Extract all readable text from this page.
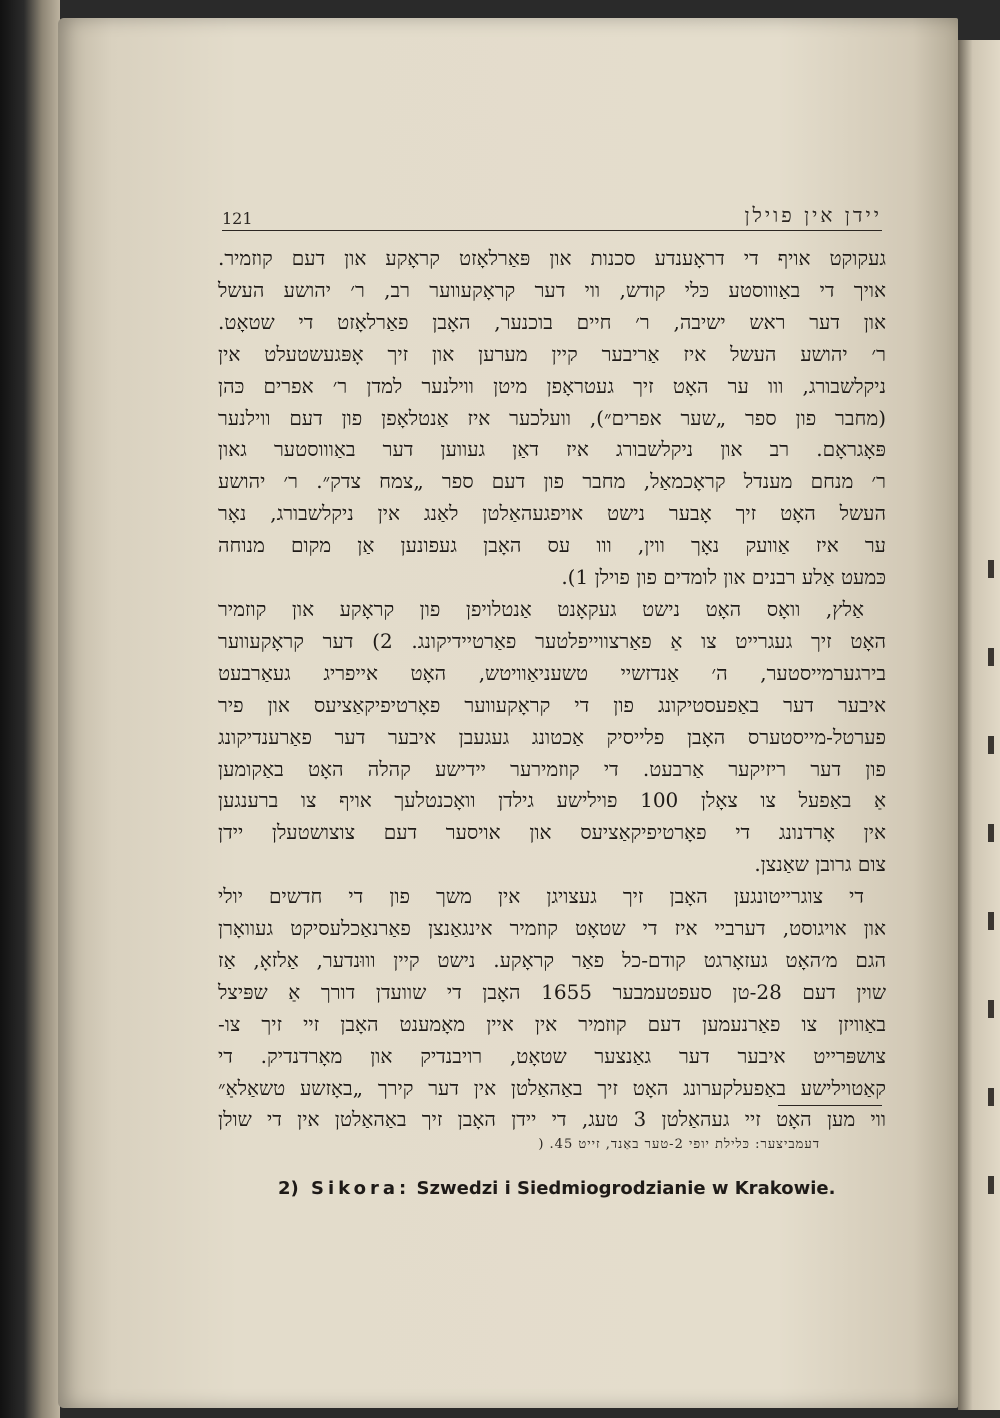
121	יידן אין פוילן

געקוקט אויף די דראָענדע סכנות און פּאַרלאָזט קראָקע און דעם קוזמיר.

אויך די באַוווסטע כּלי קודש, ווי דער קראָקעווער רב, ר׳ יהושע העשל

און דער ראש ישיבה, ר׳ חיים בוכנער, האָבן פאַרלאָזט די שטאָט.

ר׳ יהושע העשל איז אַריבער קיין מערען און זיך אָפּגעשטעלט אין

ניקלשבורג, ווו ער האָט זיך געטראָפן מיטן ווילנער למדן ר׳ אפרים כּהן

(מחבר פון ספר „שער אפרים״), וועלכער איז אַנטלאָפן פון דעם ווילנער

פּאָגראָם. רב און ניקלשבורג איז דאַן געווען דער באַוווסטער גאון

ר׳ מנחם מענדל קראָכמאַל, מחבר פון דעם ספר „צמח צדק״. ר׳ יהושע

העשל האָט זיך אָבער נישט אויפגעהאַלטן לאַנג אין ניקלשבורג, נאָר

ער איז אַוועק נאָך ווין, ווו עס האָבן געפונען אַן מקום מנוחה

כּמעט אַלע רבנים און לומדים פון פוילן 1).

אַלץ, וואָס האָט נישט געקאָנט אַנטלויפן פון קראָקע און קוזמיר

האָט זיך געגרייט צו אַ פאַרצווייפלטער פאַרטיידיקונג. 2) דער קראָקעווער

בירגערמייסטער, ה׳ אַנדזשיי טשעניאַוויטש, האָט אייפריג געאַרבעט

איבער דער באַפעסטיקונג פון די קראָקעווער פאָרטיפיקאַציעס און פיר

פערטל-מייסטערס האָבן פלייסיק אַכטונג געגעבן איבער דער פאַרענדיקונג

פון דער ריזיקער אַרבעט. די קוזמירער יידישע קהלה האָט באַקומען

אַ באַפעל צו צאָלן 100 פוילישע גילדן וואָכנטלעך אויף צו ברענגען

אין אָרדנונג די פאָרטיפיקאַציעס און אויסער דעם צוצושטעלן יידן

צום גרובן שאַנצן.

די צוגרייטונגען האָבן זיך געצויגן אין משך פון די חדשים יולי

און אויגוסט, דערביי איז די שטאָט קוזמיר אינגאַנצן פאַרנאַכלעסיקט געוואָרן

הגם מ׳האָט געזאָרגט קודם-כל פאַר קראָקע. נישט קיין וווּנדער, אַלזאָ, אַז

שוין דעם 28-טן סעפטעמבער 1655 האָבן די שוועדן דורך אַ שפּיצל

באַוויזן צו פאַרנעמען דעם קוזמיר אין איין מאָמענט האָבן זיי זיך צו-

צושפּרייט איבער דער גאַנצער שטאָט, רויבנדיק און מאָרדנדיק. די

קאַטוילישע באַפעלקערונג האָט זיך באַהאַלטן אין דער קירך „באָזשע טשאַלאַ״

ווי מען האָט זיי געהאַלטן 3 טעג, די יידן האָבן זיך באַהאַלטן אין די שולן

דעמביצער: כּלילת יופי 2-טער באַנד, זייט 45. (
2) Sikora: Szwedzi i Siedmiogrodzianie w Krakowie.
